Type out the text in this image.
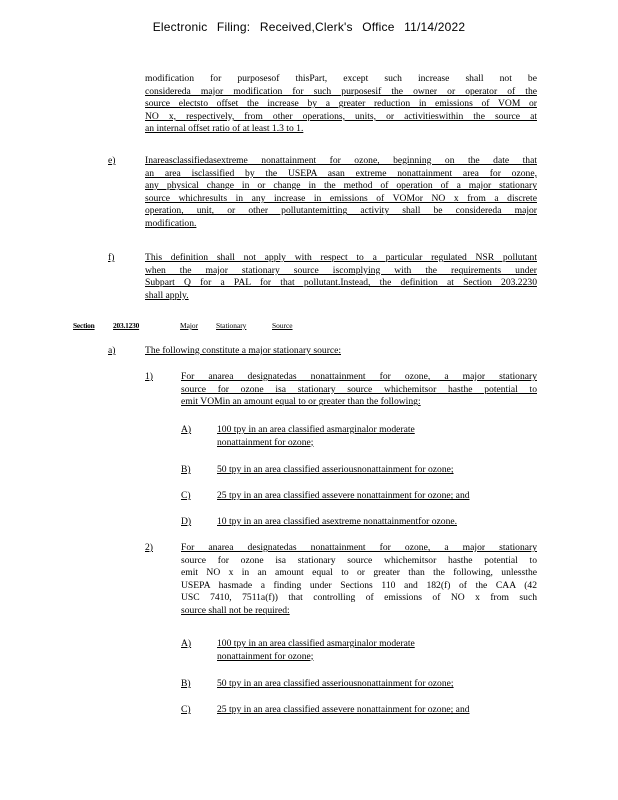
Electronic Filing: Received,Clerk's Office 11/14/2022
modification for purposesof thisPart, except such increase shall not be
considereda major modification for such purposesif the owner or operator of the
source electsto offset the increase by a greater reduction in emissions of VOM or
NO x, respectively, from other operations, units, or activitieswithin the source at
an internal offset ratio of at least 1.3 to 1.
e)	Inareasclassifiedasextreme nonattainment for ozone, beginning on the date that
an area isclassified by the USEPA asan extreme nonattainment area for ozone,
any physical change in or change in the method of operation of a major stationary
source whichresults in any increase in emissions of VOMor NO x from a discrete
operation, unit, or other pollutantemitting activity shall be considereda major
modification.
f)	This definition shall not apply with respect to a particular regulated NSR pollutant
when the major stationary source iscomplying with the requirements under
Subpart Q for a PAL for that pollutant.Instead, the definition at Section 203.2230
shall apply.
Section 203.1230	Major Stationary	Source
a)	The following constitute a major stationary source:
1)	For anarea designatedas nonattainment for ozone, a major stationary
source for ozone isa stationary source whichemitsor hasthe potential to
emit VOMin an amount equal to or greater than the following:
A)	100 tpy in an area classified asmarginalor moderate
nonattainment for ozone;
B)	50 tpy in an area classified asseriousnonattainment for ozone;
C)	25 tpy in an area classified assevere nonattainment for ozone; and
D)	10 tpy in an area classified asextreme nonattainmentfor ozone.
2)	For anarea designatedas nonattainment for ozone, a major stationary
source for ozone isa stationary source whichemitsor hasthe potential to
emit NO x in an amount equal to or greater than the following, unlessthe
USEPA hasmade a finding under Sections 110 and 182(f) of the CAA (42
USC 7410, 7511a(f)) that controlling of emissions of NO x from such
source shall not be required:
A)	100 tpy in an area classified asmarginalor moderate
nonattainment for ozone;
B)	50 tpy in an area classified asseriousnonattainment for ozone;
C)	25 tpy in an area classified assevere nonattainment for ozone; and
